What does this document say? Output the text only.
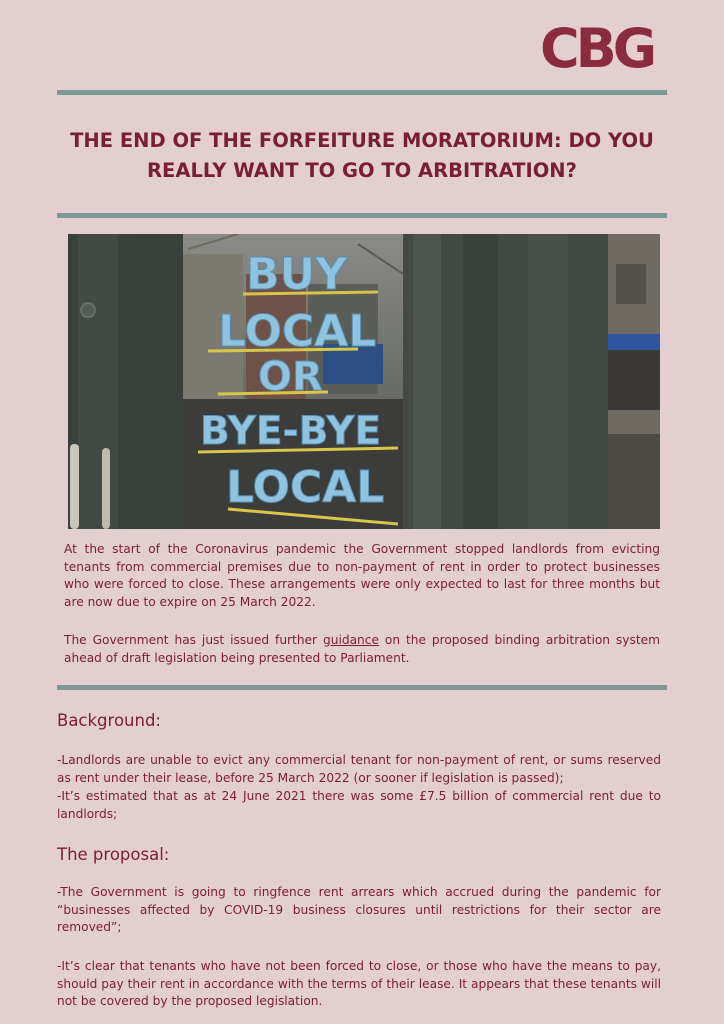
CBG
THE END OF THE FORFEITURE MORATORIUM: DO YOU REALLY WANT TO GO TO ARBITRATION?
BUY
LOCAL
OR
BYE-BYE
LOCAL

At the start of the Coronavirus pandemic the Government stopped landlords from evicting tenants from commercial premises due to non-payment of rent in order to protect businesses who were forced to close. These arrangements were only expected to last for three months but are now due to expire on 25 March 2022.

The Government has just issued further guidance on the proposed binding arbitration system ahead of draft legislation being presented to Parliament.

Background:

-Landlords are unable to evict any commercial tenant for non-payment of rent, or sums reserved as rent under their lease, before 25 March 2022 (or sooner if legislation is passed);

-It’s estimated that as at 24 June 2021 there was some £7.5 billion of commercial rent due to landlords;

The proposal:

-The Government is going to ringfence rent arrears which accrued during the pandemic for “businesses affected by COVID-19 business closures until restrictions for their sector are removed”;

-It’s clear that tenants who have not been forced to close, or those who have the means to pay, should pay their rent in accordance with the terms of their lease. It appears that these tenants will not be covered by the proposed legislation.
